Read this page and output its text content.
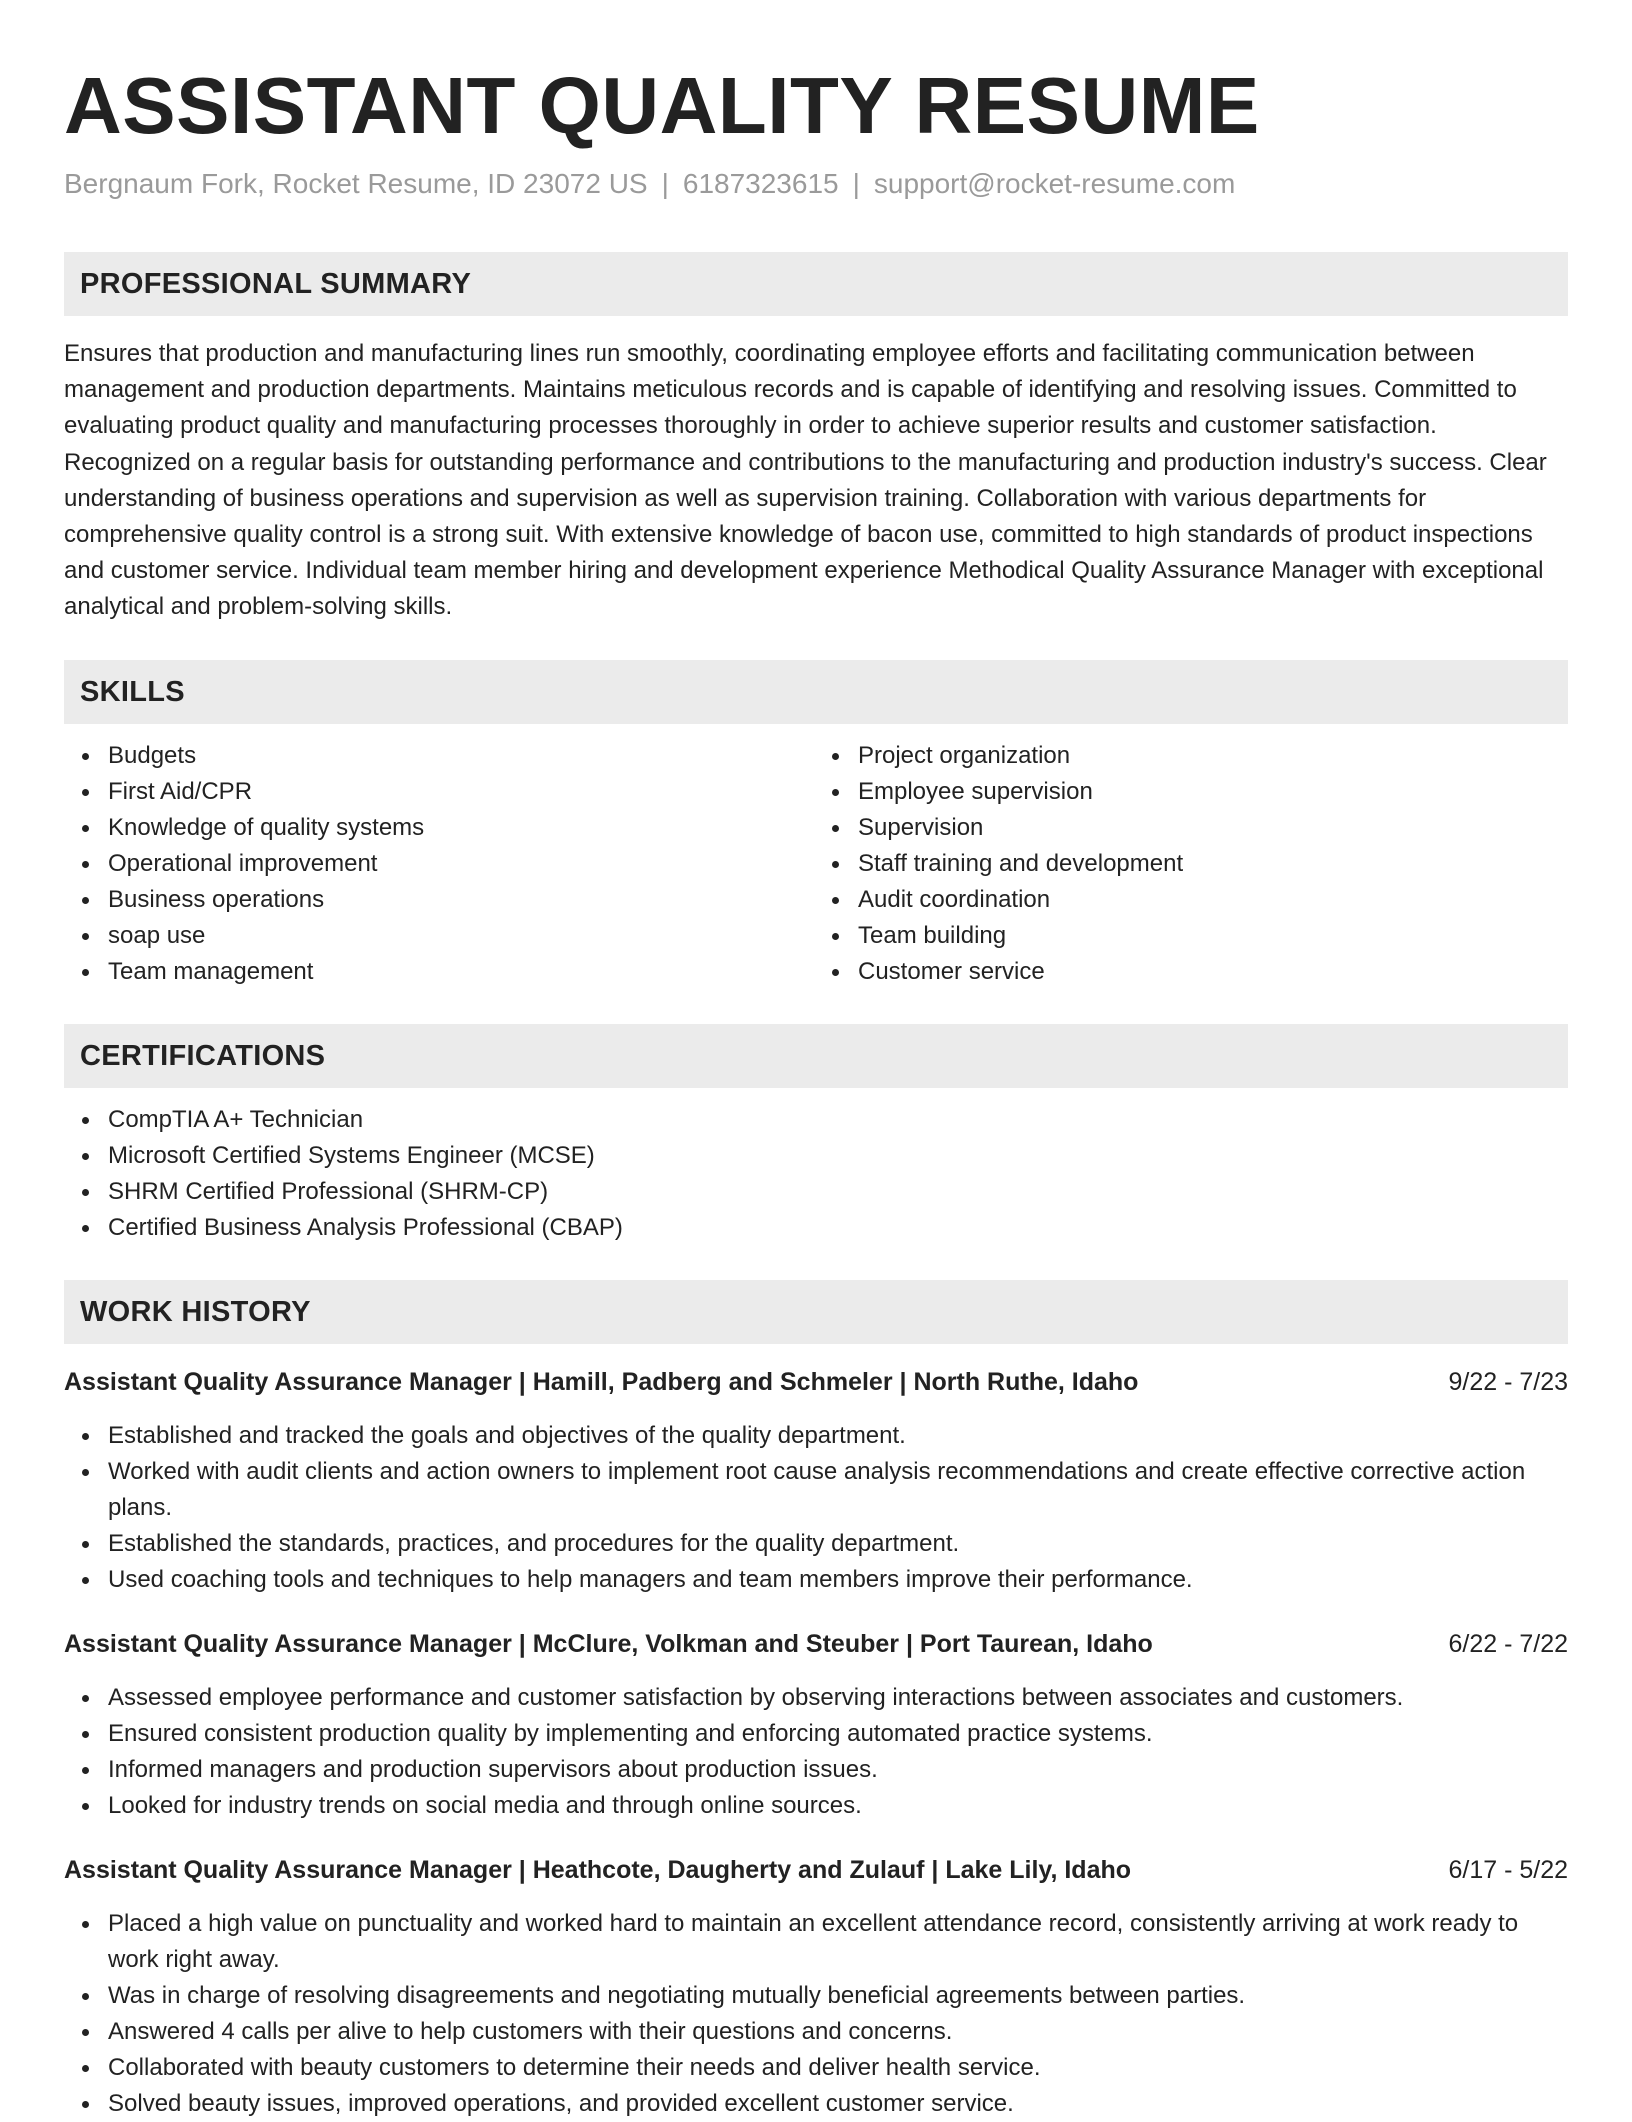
ASSISTANT QUALITY RESUME
Bergnaum Fork, Rocket Resume, ID 23072 US | 6187323615 | support@rocket-resume.com
PROFESSIONAL SUMMARY

Ensures that production and manufacturing lines run smoothly, coordinating employee efforts and facilitating communication between management and production departments. Maintains meticulous records and is capable of identifying and resolving issues. Committed to evaluating product quality and manufacturing processes thoroughly in order to achieve superior results and customer satisfaction. Recognized on a regular basis for outstanding performance and contributions to the manufacturing and production industry's success. Clear understanding of business operations and supervision as well as supervision training. Collaboration with various departments for comprehensive quality control is a strong suit. With extensive knowledge of bacon use, committed to high standards of product inspections and customer service. Individual team member hiring and development experience Methodical Quality Assurance Manager with exceptional analytical and problem-solving skills.

SKILLS
Budgets
First Aid/CPR
Knowledge of quality systems
Operational improvement
Business operations
soap use
Team management
Project organization
Employee supervision
Supervision
Staff training and development
Audit coordination
Team building
Customer service
CERTIFICATIONS
CompTIA A+ Technician
Microsoft Certified Systems Engineer (MCSE)
SHRM Certified Professional (SHRM-CP)
Certified Business Analysis Professional (CBAP)
WORK HISTORY
Assistant Quality Assurance Manager | Hamill, Padberg and Schmeler | North Ruthe, Idaho	9/22 - 7/23
Established and tracked the goals and objectives of the quality department.
Worked with audit clients and action owners to implement root cause analysis recommendations and create effective corrective action plans.
Established the standards, practices, and procedures for the quality department.
Used coaching tools and techniques to help managers and team members improve their performance.
Assistant Quality Assurance Manager | McClure, Volkman and Steuber | Port Taurean, Idaho	6/22 - 7/22
Assessed employee performance and customer satisfaction by observing interactions between associates and customers.
Ensured consistent production quality by implementing and enforcing automated practice systems.
Informed managers and production supervisors about production issues.
Looked for industry trends on social media and through online sources.
Assistant Quality Assurance Manager | Heathcote, Daugherty and Zulauf | Lake Lily, Idaho	6/17 - 5/22
Placed a high value on punctuality and worked hard to maintain an excellent attendance record, consistently arriving at work ready to work right away.
Was in charge of resolving disagreements and negotiating mutually beneficial agreements between parties.
Answered 4 calls per alive to help customers with their questions and concerns.
Collaborated with beauty customers to determine their needs and deliver health service.
Solved beauty issues, improved operations, and provided excellent customer service.
